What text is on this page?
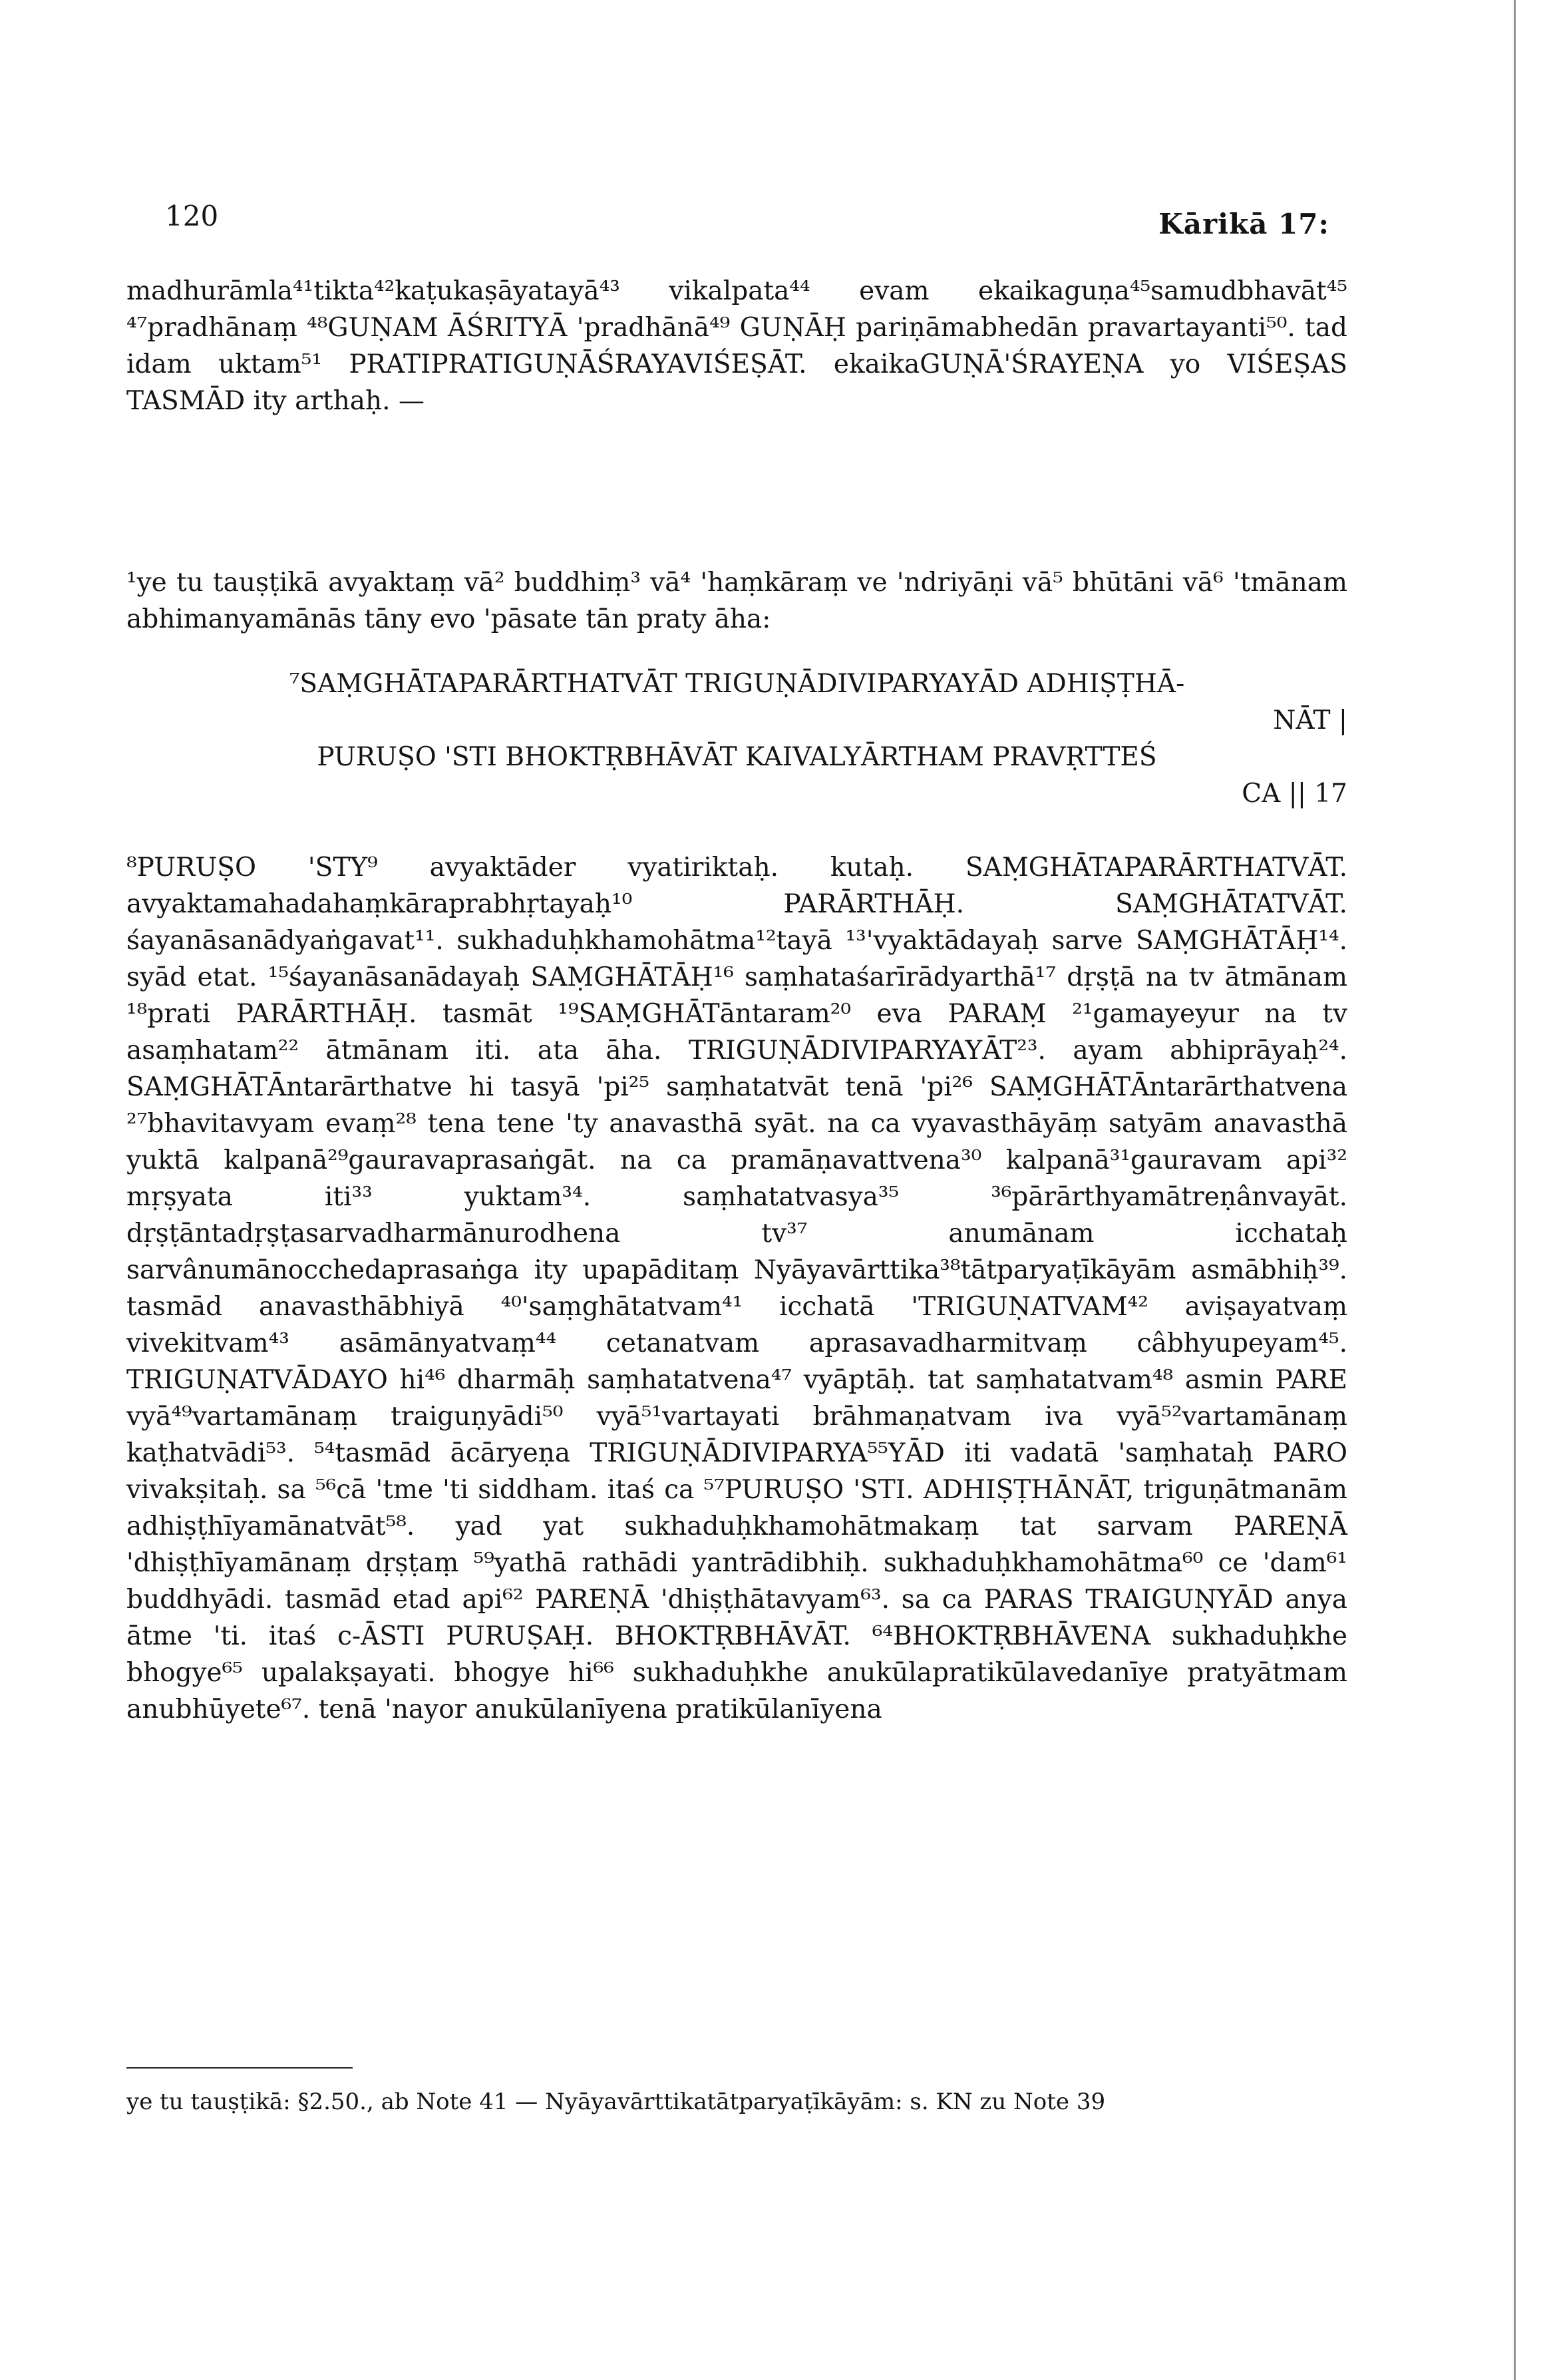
120	Kārikā 17:

madhurāmla⁴¹tikta⁴²kaṭukaṣāyatayā⁴³ vikalpata⁴⁴ evam ekaikaguṇa⁴⁵samudbhavāt⁴⁵ ⁴⁷pradhānaṃ ⁴⁸GUṆAM ĀŚRITYĀ 'pradhānā⁴⁹ GUṆĀḤ pariṇāmabhedān pravartayanti⁵⁰. tad idam uktam⁵¹ PRATIPRATIGUṆĀŚRAYAVIŚEṢĀT. ekaikaGUṆĀ'ŚRAYEṆA yo VIŚEṢAS TASMĀD ity arthaḥ. —

¹ye tu tauṣṭikā avyaktaṃ vā² buddhiṃ³ vā⁴ 'haṃkāraṃ ve 'ndriyāṇi vā⁵ bhūtāni vā⁶ 'tmānam abhimanyamānās tāny evo 'pāsate tān praty āha:

⁷SAṂGHĀTAPARĀRTHATVĀT TRIGUṆĀDIVIPARYAYĀD ADHIṢṬHĀ-
NĀT |
PURUṢO 'STI BHOKTṚBHĀVĀT KAIVALYĀRTHAM PRAVṚTTEŚ
CA || 17

⁸PURUṢO 'STY⁹ avyaktāder vyatiriktaḥ. kutaḥ. SAṂGHĀTAPARĀRTHATVĀT. avyaktamahadahaṃkāraprabhṛtayaḥ¹⁰ PARĀRTHĀḤ. SAṂGHĀTATVĀT. śayanāsanādyaṅgavat¹¹. sukhaduḥkhamohātma¹²tayā ¹³'vyaktādayaḥ sarve SAṂGHĀTĀḤ¹⁴. syād etat. ¹⁵śayanāsanādayaḥ SAṂGHĀTĀḤ¹⁶ saṃhataśarīrādyarthā¹⁷ dṛṣṭā na tv ātmānam ¹⁸prati PARĀRTHĀḤ. tasmāt ¹⁹SAṂGHĀTāntaram²⁰ eva PARAṂ ²¹gamayeyur na tv asaṃhatam²² ātmānam iti. ata āha. TRIGUṆĀDIVIPARYAYĀT²³. ayam abhiprāyaḥ²⁴. SAṂGHĀTĀntarārthatve hi tasyā 'pi²⁵ saṃhatatvāt tenā 'pi²⁶ SAṂGHĀTĀntarārthatvena ²⁷bhavitavyam evaṃ²⁸ tena tene 'ty anavasthā syāt. na ca vyavasthāyāṃ satyām anavasthā yuktā kalpanā²⁹gauravaprasaṅgāt. na ca pramāṇavattvena³⁰ kalpanā³¹gauravam api³² mṛṣyata iti³³ yuktam³⁴. saṃhatatvasya³⁵ ³⁶pārārthyamātreṇânvayāt. dṛṣṭāntadṛṣṭasarvadharmānurodhena tv³⁷ anumānam icchataḥ sarvânumānocchedaprasaṅga ity upapāditaṃ Nyāyavārttika³⁸tātparyaṭīkāyām asmābhiḥ³⁹. tasmād anavasthābhiyā ⁴⁰'saṃghātatvam⁴¹ icchatā 'TRIGUṆATVAM⁴² aviṣayatvaṃ vivekitvam⁴³ asāmānyatvaṃ⁴⁴ cetanatvam aprasavadharmitvaṃ câbhyupeyam⁴⁵. TRIGUṆATVĀDAYO hi⁴⁶ dharmāḥ saṃhatatvena⁴⁷ vyāptāḥ. tat saṃhatatvam⁴⁸ asmin PARE vyā⁴⁹vartamānaṃ traiguṇyādi⁵⁰ vyā⁵¹vartayati brāhmaṇatvam iva vyā⁵²vartamānaṃ kaṭhatvādi⁵³. ⁵⁴tasmād ācāryeṇa TRIGUṆĀDIVIPARYA⁵⁵YĀD iti vadatā 'saṃhataḥ PARO vivakṣitaḥ. sa ⁵⁶cā 'tme 'ti siddham. itaś ca ⁵⁷PURUṢO 'STI. ADHIṢṬHĀNĀT, triguṇātmanām adhiṣṭhīyamānatvāt⁵⁸. yad yat sukhaduḥkhamohātmakaṃ tat sarvam PAREṆĀ 'dhiṣṭhīyamānaṃ dṛṣṭaṃ ⁵⁹yathā rathādi yantrādibhiḥ. sukhaduḥkhamohātma⁶⁰ ce 'dam⁶¹ buddhyādi. tasmād etad api⁶² PAREṆĀ 'dhiṣṭhātavyam⁶³. sa ca PARAS TRAIGUṆYĀD anya ātme 'ti. itaś c-ĀSTI PURUṢAḤ. BHOKTṚBHĀVĀT. ⁶⁴BHOKTṚBHĀVENA sukhaduḥkhe bhogye⁶⁵ upalakṣayati. bhogye hi⁶⁶ sukhaduḥkhe anukūlapratikūlavedanīye pratyātmam anubhūyete⁶⁷. tenā 'nayor anukūlanīyena pratikūlanīyena

ye tu tauṣṭikā: §2.50., ab Note 41 — Nyāyavārttikatātparyaṭīkāyām: s. KN zu Note 39
